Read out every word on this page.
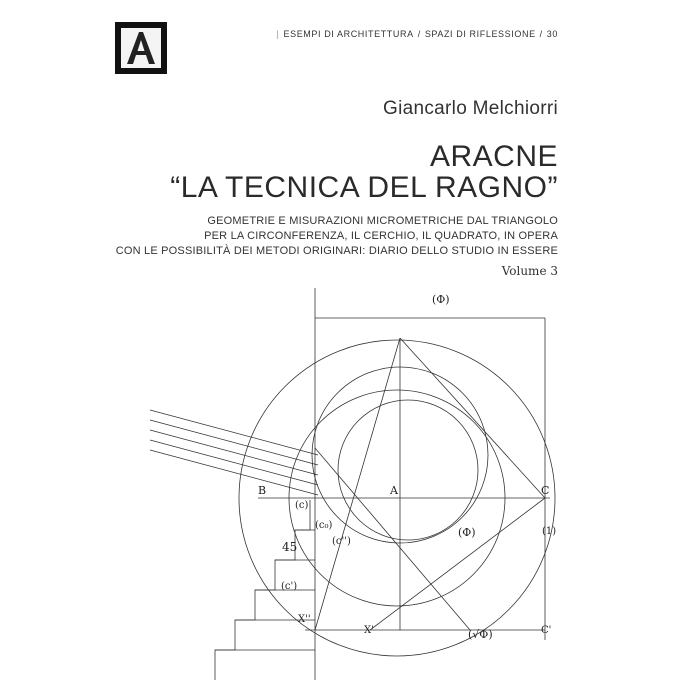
A
| ESEMPI DI ARCHITETTURA / SPAZI DI RIFLESSIONE / 30
Giancarlo Melchiorri
ARACNE
“LA TECNICA DEL RAGNO”
GEOMETRIE E MISURAZIONI MICROMETRICHE DAL TRIANGOLO
PER LA CIRCONFERENZA, IL CERCHIO, IL QUADRATO, IN OPERA
CON LE POSSIBILITÀ DEI METODI ORIGINARI: DIARIO DELLO STUDIO IN ESSERE
Volume 3
(Φ)
B	A	C
(c)
(c₀)
(Φ)	(1)
(c'')
45
(c')
X''
X'	(√Φ)	C'
